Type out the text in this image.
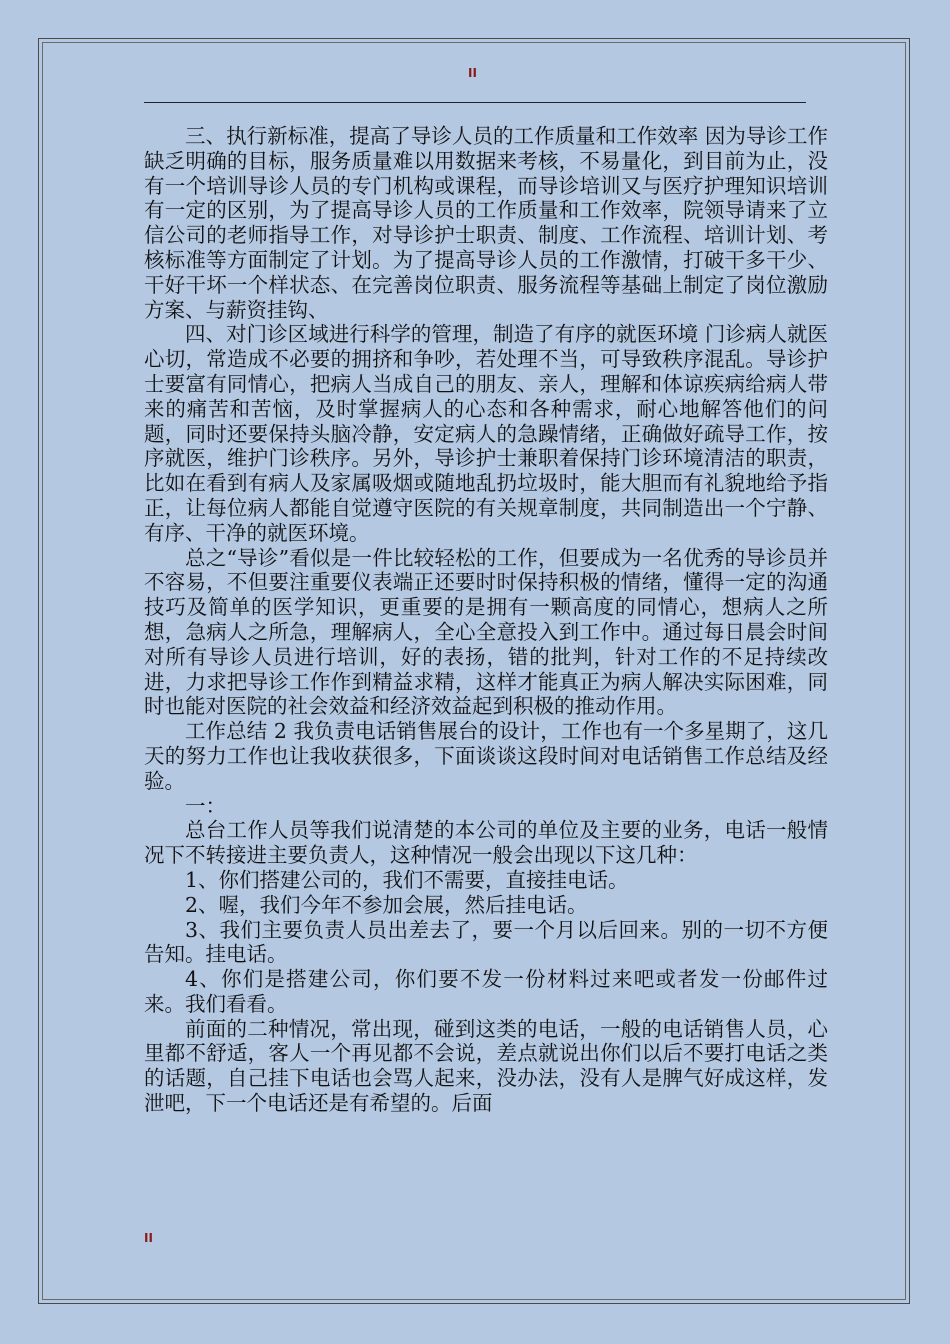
II

三、执行新标准，提高了导诊人员的工作质量和工作效率 因为导诊工作缺乏明确的目标，服务质量难以用数据来考核，不易量化，到目前为止，没有一个培训导诊人员的专门机构或课程，而导诊培训又与医疗护理知识培训有一定的区别，为了提高导诊人员的工作质量和工作效率，院领导请来了立信公司的老师指导工作，对导诊护士职责、制度、工作流程、培训计划、考核标准等方面制定了计划。为了提高导诊人员的工作激情，打破干多干少、干好干坏一个样状态、在完善岗位职责、服务流程等基础上制定了岗位激励方案、与薪资挂钩、

四、对门诊区域进行科学的管理，制造了有序的就医环境 门诊病人就医心切，常造成不必要的拥挤和争吵，若处理不当，可导致秩序混乱。导诊护士要富有同情心，把病人当成自己的朋友、亲人，理解和体谅疾病给病人带来的痛苦和苦恼，及时掌握病人的心态和各种需求，耐心地解答他们的问题，同时还要保持头脑冷静，安定病人的急躁情绪，正确做好疏导工作，按序就医，维护门诊秩序。另外，导诊护士兼职着保持门诊环境清洁的职责，比如在看到有病人及家属吸烟或随地乱扔垃圾时，能大胆而有礼貌地给予指正，让每位病人都能自觉遵守医院的有关规章制度，共同制造出一个宁静、有序、干净的就医环境。

总之“导诊”看似是一件比较轻松的工作，但要成为一名优秀的导诊员并不容易，不但要注重要仪表端正还要时时保持积极的情绪，懂得一定的沟通技巧及简单的医学知识，更重要的是拥有一颗高度的同情心，想病人之所想，急病人之所急，理解病人，全心全意投入到工作中。通过每日晨会时间对所有导诊人员进行培训，好的表扬，错的批判，针对工作的不足持续改进，力求把导诊工作作到精益求精，这样才能真正为病人解决实际困难，同时也能对医院的社会效益和经济效益起到积极的推动作用。

工作总结 2 我负责电话销售展台的设计，工作也有一个多星期了，这几天的努力工作也让我收获很多，下面谈谈这段时间对电话销售工作总结及经验。

一：

总台工作人员等我们说清楚的本公司的单位及主要的业务，电话一般情况下不转接进主要负责人，这种情况一般会出现以下这几种：

1、你们搭建公司的，我们不需要，直接挂电话。

2、喔，我们今年不参加会展，然后挂电话。

3、我们主要负责人员出差去了，要一个月以后回来。别的一切不方便告知。挂电话。

4、你们是搭建公司，你们要不发一份材料过来吧或者发一份邮件过来。我们看看。

前面的二种情况，常出现，碰到这类的电话，一般的电话销售人员，心里都不舒适，客人一个再见都不会说，差点就说出你们以后不要打电话之类的话题，自己挂下电话也会骂人起来，没办法，没有人是脾气好成这样，发泄吧，下一个电话还是有希望的。后面

II
